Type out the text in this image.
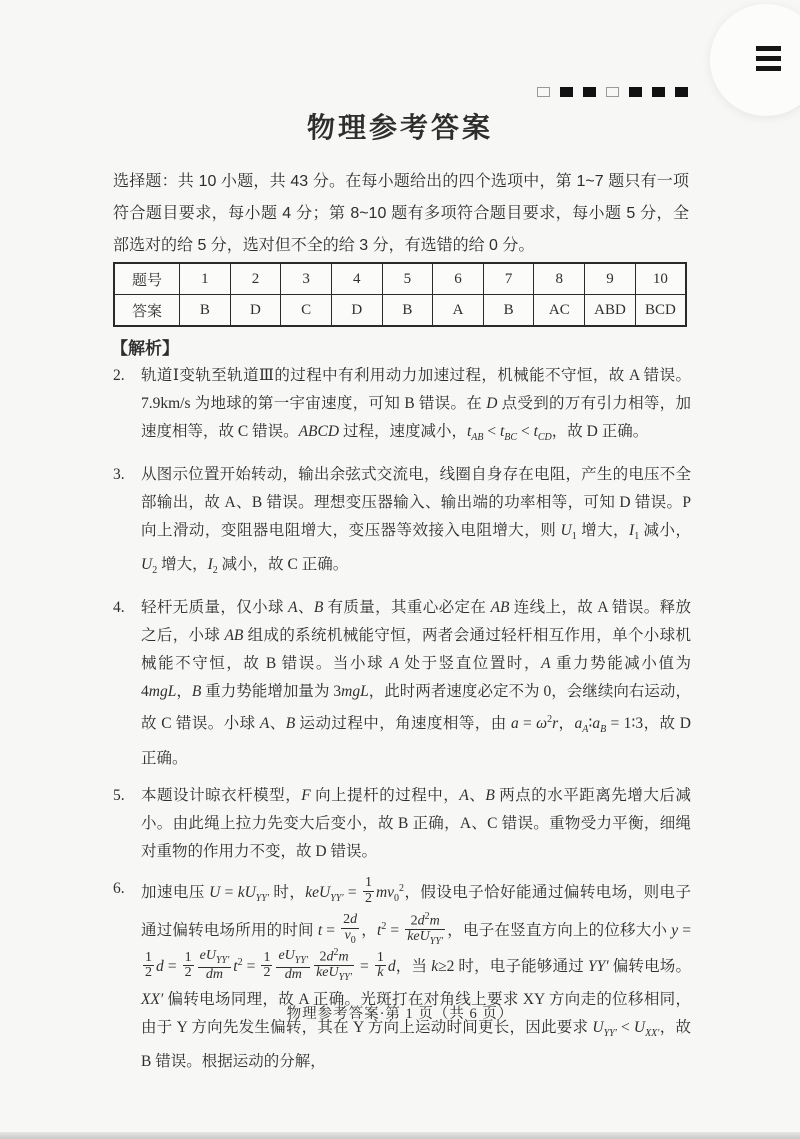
物理参考答案
选择题：共 10 小题，共 43 分。在每小题给出的四个选项中，第 1~7 题只有一项符合题目要求，每小题 4 分；第 8~10 题有多项符合题目要求，每小题 5 分，全部选对的给 5 分，选对但不全的给 3 分，有选错的给 0 分。
题号	1	2	3	4	5	6	7	8	9	10
答案	B	D	C	D	B	A	B	AC	ABD	BCD
【解析】
2. 轨道Ⅰ变轨至轨道Ⅲ的过程中有利用动力加速过程，机械能不守恒，故 A 错误。7.9km/s 为地球的第一宇宙速度，可知 B 错误。在 D 点受到的万有引力相等，加速度相等，故 C 错误。ABCD 过程，速度减小，$t_{AB} < t_{BC} < t_{CD}$，故 D 正确。
3. 从图示位置开始转动，输出余弦式交流电，线圈自身存在电阻，产生的电压不全部输出，故 A、B 错误。理想变压器输入、输出端的功率相等，可知 D 错误。P 向上滑动，变阻器电阻增大，变压器等效接入电阻增大，则 $U_1$ 增大，$I_1$ 减小，$U_2$ 增大，$I_2$ 减小，故 C 正确。
4. 轻杆无质量，仅小球 A、B 有质量，其重心必定在 AB 连线上，故 A 错误。释放之后，小球 AB 组成的系统机械能守恒，两者会通过轻杆相互作用，单个小球机械能不守恒，故 B 错误。当小球 A 处于竖直位置时，A 重力势能减小值为 4mgL，B 重力势能增加量为 3mgL，此时两者速度必定不为 0，会继续向右运动，故 C 错误。小球 A、B 运动过程中，角速度相等，由 $a = \omega^2r$，$a_A∶a_B$ = 1∶3，故 D 正确。
5. 本题设计晾衣杆模型，F 向上提杆的过程中，A、B 两点的水平距离先增大后减小。由此绳上拉力先变大后变小，故 B 正确，A、C 错误。重物受力平衡，细绳对重物的作用力不变，故 D 错误。
6. 加速电压 $U = kU_{YY'}$ 时，$keU_{YY'} = \frac{1}{2} mv_0^2$，假设电子恰好能通过偏转电场，则电子通过偏转电场所用的时间 $t = \frac{2d}{v_0}$ ，$t^2$ =
$2d^2m$
keU$_{YY'}$
，电子在竖直方向上的位移大小 y =
$\frac{1}{2}$ $d = \frac{1}{2} eU_{YY'}$
dm $t^2 = \frac{1}{2} eU_{YY'}$
dm
$2d^2m$
keU$_{YY'}$
= $\frac{1}{k}$ d，当 k≥2 时，电子能够通过 YY′ 偏转电场。XX′ 偏转电场同理，故 A 正确。光斑打在对角线上要求 XY 方向走的位移相同，由于 Y 方向先发生偏转，其在 Y 方向上运动时间更长，因此要求 $U_{YY'} < U_{XX'}$，故 B 错误。根据运动的分解，
物理参考答案·第 1 页（共 6 页）
